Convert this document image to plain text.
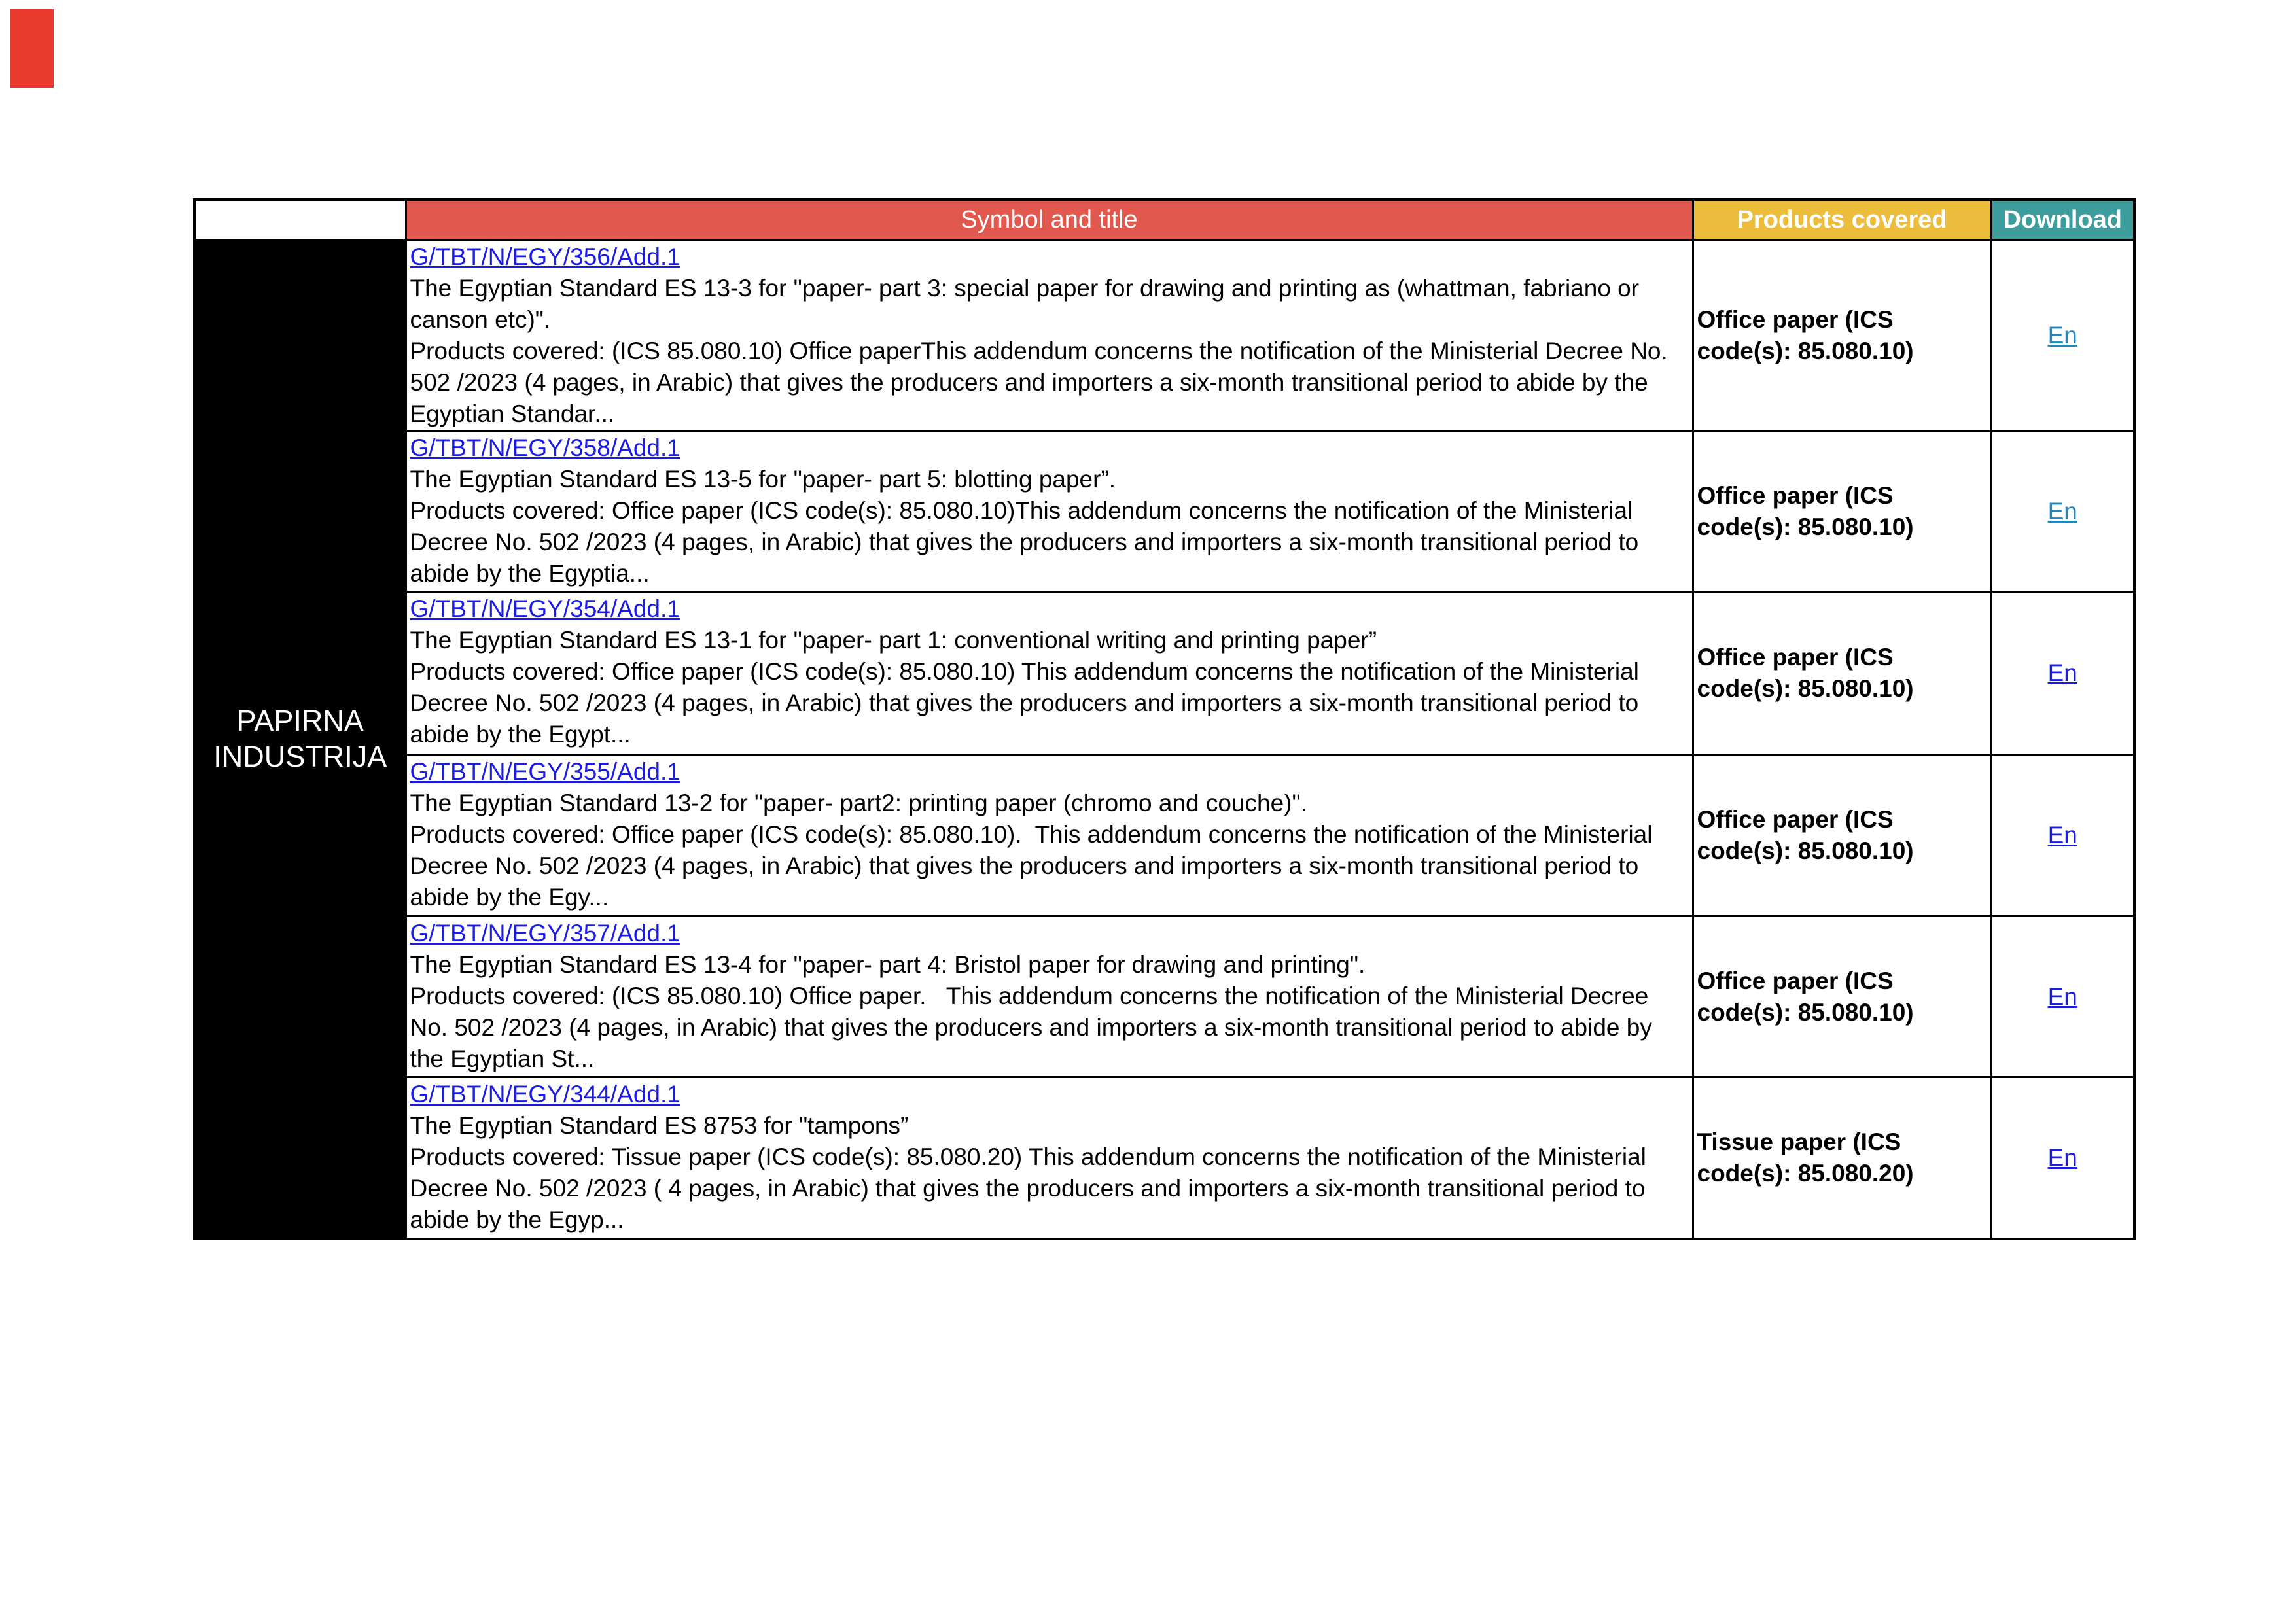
	Symbol and title	Products covered	Download
PAPIRNA INDUSTRIJA	G/TBT/N/EGY/356/Add.1
The Egyptian Standard ES 13-3 for "paper- part 3: special paper for drawing and printing as (whattman, fabriano or canson etc)".
Products covered: (ICS 85.080.10) Office paperThis addendum concerns the notification of the Ministerial Decree No. 502 /2023 (4 pages, in Arabic) that gives the producers and importers a six-month transitional period to abide by the Egyptian Standar...	Office paper (ICS code(s): 85.080.10)	En
	G/TBT/N/EGY/358/Add.1
The Egyptian Standard ES 13-5 for "paper- part 5: blotting paper”.
Products covered: Office paper (ICS code(s): 85.080.10)This addendum concerns the notification of the Ministerial Decree No. 502 /2023 (4 pages, in Arabic) that gives the producers and importers a six-month transitional period to abide by the Egyptia...	Office paper (ICS code(s): 85.080.10)	En
	G/TBT/N/EGY/354/Add.1
The Egyptian Standard ES 13-1 for "paper- part 1: conventional writing and printing paper”
Products covered: Office paper (ICS code(s): 85.080.10) This addendum concerns the notification of the Ministerial Decree No. 502 /2023 (4 pages, in Arabic) that gives the producers and importers a six-month transitional period to abide by the Egypt...	Office paper (ICS code(s): 85.080.10)	En
	G/TBT/N/EGY/355/Add.1
The Egyptian Standard 13-2 for "paper- part2: printing paper (chromo and couche)".
Products covered: Office paper (ICS code(s): 85.080.10).  This addendum concerns the notification of the Ministerial Decree No. 502 /2023 (4 pages, in Arabic) that gives the producers and importers a six-month transitional period to abide by the Egy...	Office paper (ICS code(s): 85.080.10)	En
	G/TBT/N/EGY/357/Add.1
The Egyptian Standard ES 13-4 for "paper- part 4: Bristol paper for drawing and printing".
Products covered: (ICS 85.080.10) Office paper.   This addendum concerns the notification of the Ministerial Decree No. 502 /2023 (4 pages, in Arabic) that gives the producers and importers a six-month transitional period to abide by the Egyptian St...	Office paper (ICS code(s): 85.080.10)	En
	G/TBT/N/EGY/344/Add.1
The Egyptian Standard ES 8753 for "tampons”
Products covered: Tissue paper (ICS code(s): 85.080.20) This addendum concerns the notification of the Ministerial Decree No. 502 /2023 ( 4 pages, in Arabic) that gives the producers and importers a six-month transitional period to abide by the Egyp...	Tissue paper (ICS code(s): 85.080.20)	En
